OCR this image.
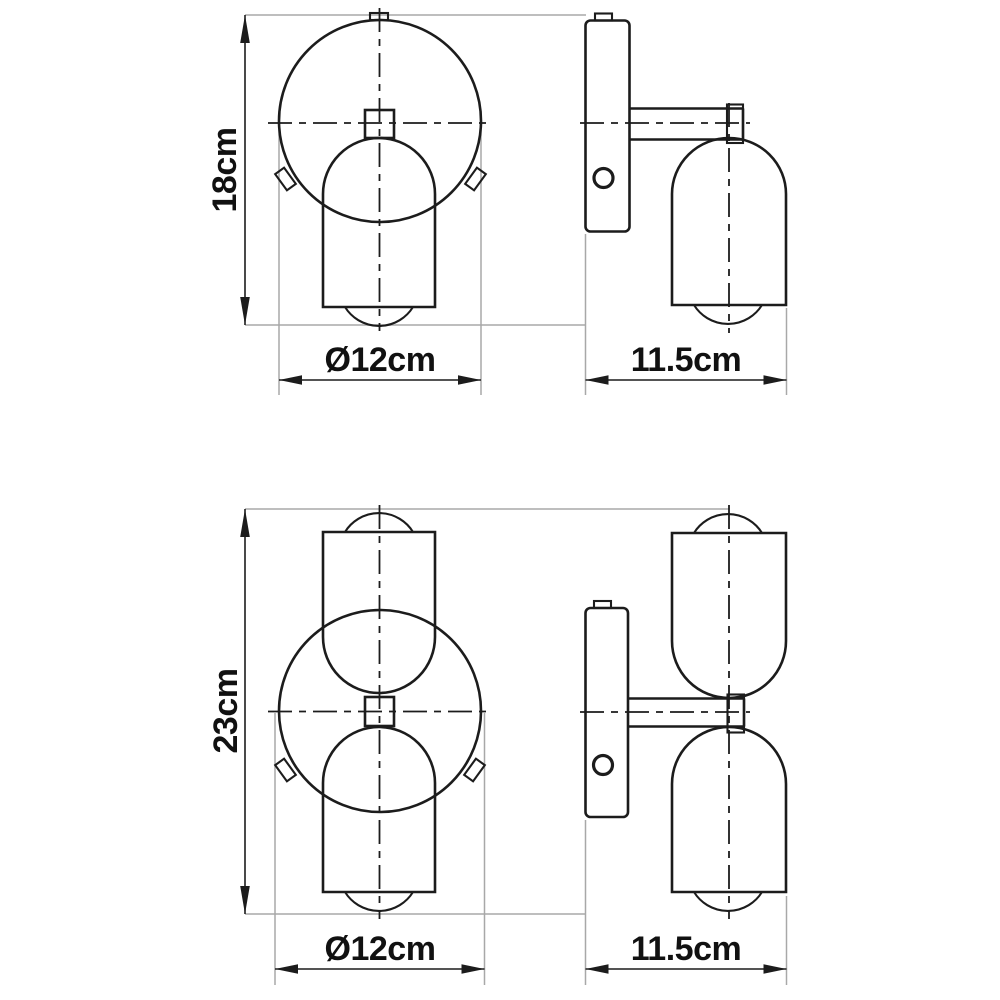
18cm
Ø12cm	11.5cm
23cm
Ø12cm	11.5cm
